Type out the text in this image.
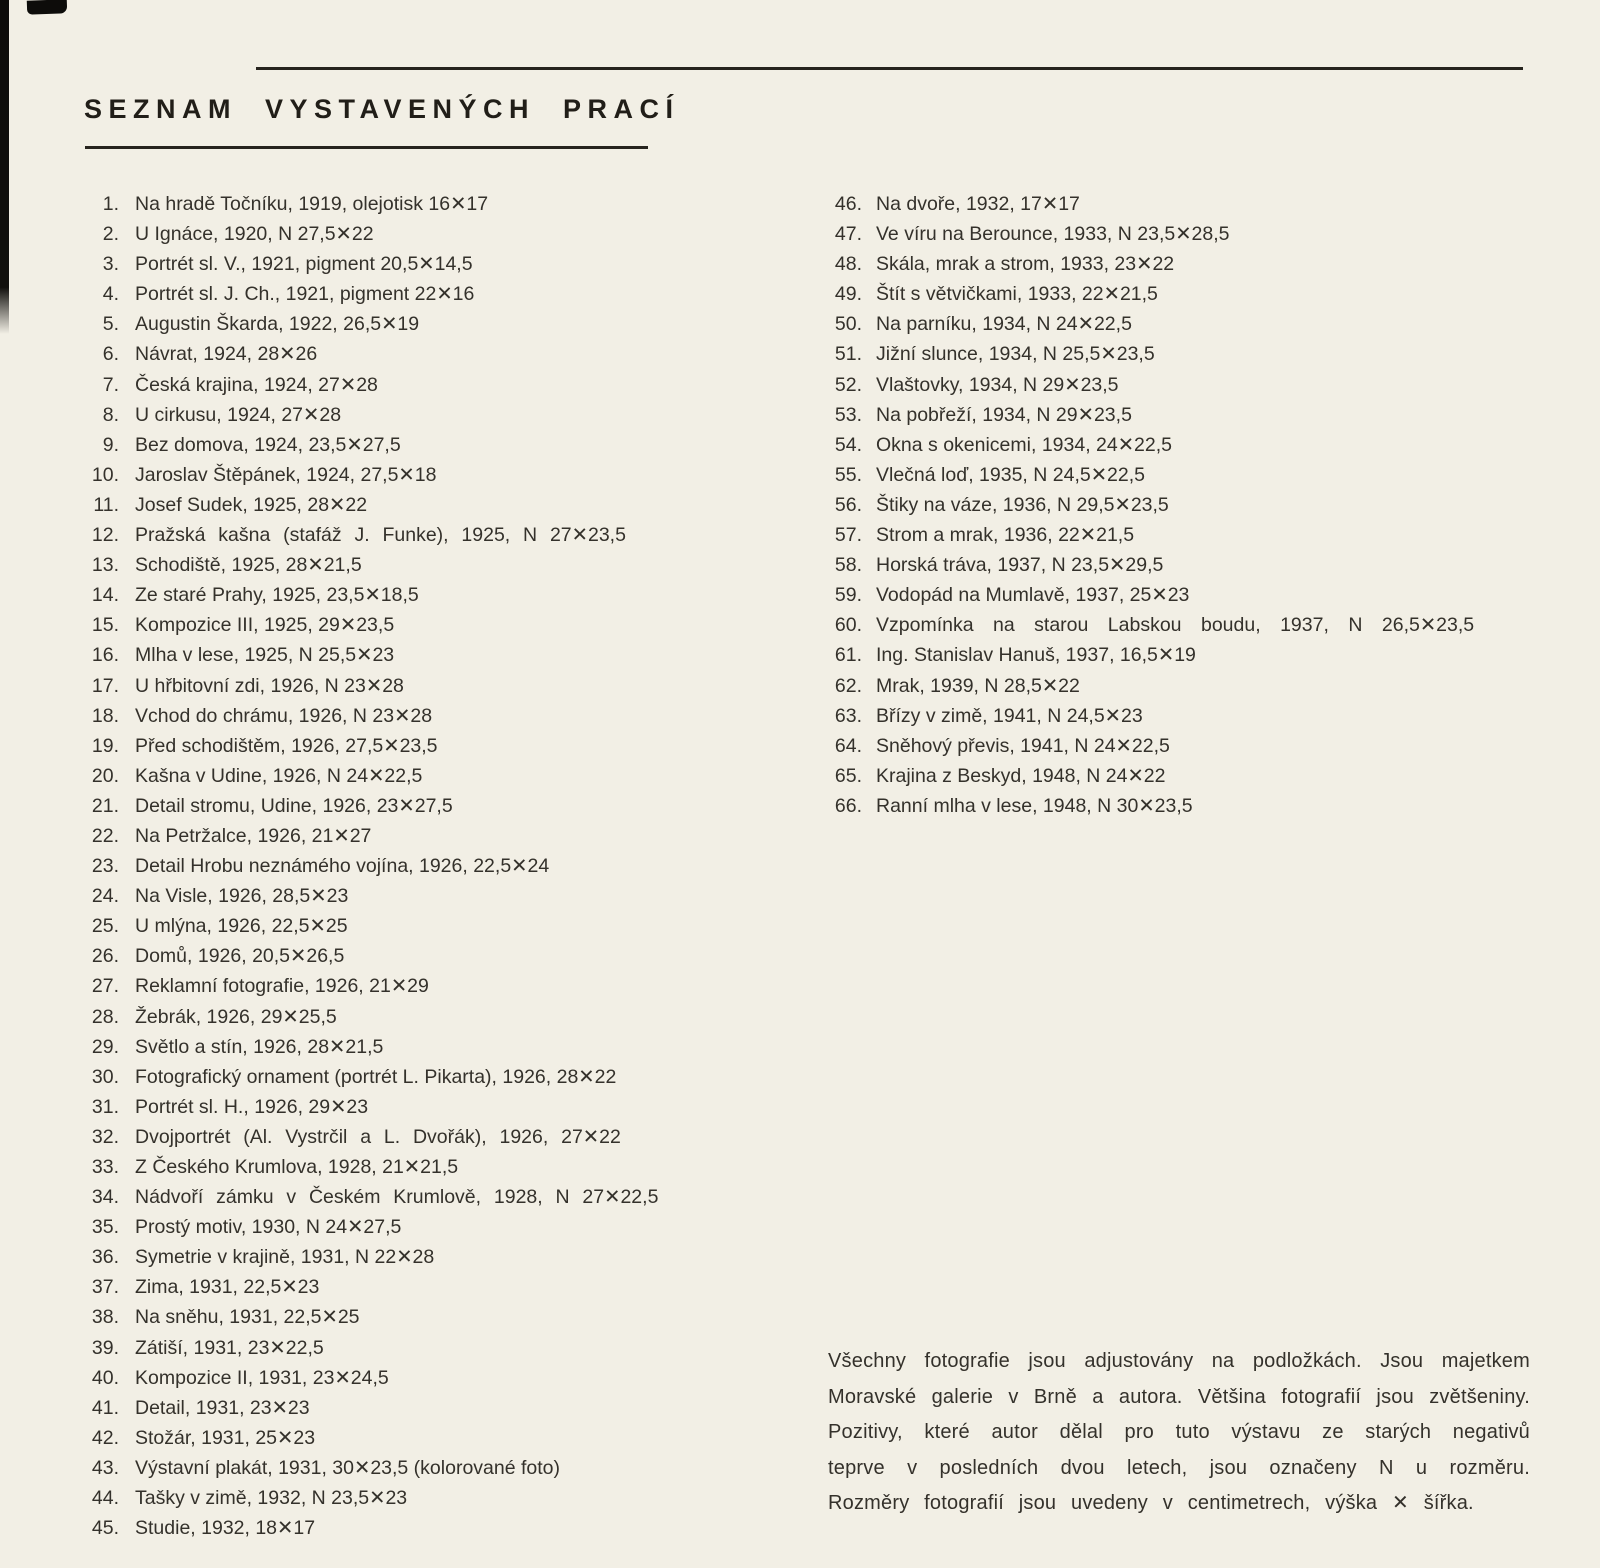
SEZNAM VYSTAVENÝCH PRACÍ
1. Na hradě Točníku, 1919, olejotisk 16✕17
2. U Ignáce, 1920, N 27,5✕22
3. Portrét sl. V., 1921, pigment 20,5✕14,5
4. Portrét sl. J. Ch., 1921, pigment 22✕16
5. Augustin Škarda, 1922, 26,5✕19
6. Návrat, 1924, 28✕26
7. Česká krajina, 1924, 27✕28
8. U cirkusu, 1924, 27✕28
9. Bez domova, 1924, 23,5✕27,5
10. Jaroslav Štěpánek, 1924, 27,5✕18
11. Josef Sudek, 1925, 28✕22
12. Pražská kašna (stafáž J. Funke), 1925, N 27✕23,5
13. Schodiště, 1925, 28✕21,5
14. Ze staré Prahy, 1925, 23,5✕18,5
15. Kompozice III, 1925, 29✕23,5
16. Mlha v lese, 1925, N 25,5✕23
17. U hřbitovní zdi, 1926, N 23✕28
18. Vchod do chrámu, 1926, N 23✕28
19. Před schodištěm, 1926, 27,5✕23,5
20. Kašna v Udine, 1926, N 24✕22,5
21. Detail stromu, Udine, 1926, 23✕27,5
22. Na Petržalce, 1926, 21✕27
23. Detail Hrobu neznámého vojína, 1926, 22,5✕24
24. Na Visle, 1926, 28,5✕23
25. U mlýna, 1926, 22,5✕25
26. Domů, 1926, 20,5✕26,5
27. Reklamní fotografie, 1926, 21✕29
28. Žebrák, 1926, 29✕25,5
29. Světlo a stín, 1926, 28✕21,5
30. Fotografický ornament (portrét L. Pikarta), 1926, 28✕22
31. Portrét sl. H., 1926, 29✕23
32. Dvojportrét (Al. Vystrčil a L. Dvořák), 1926, 27✕22
33. Z Českého Krumlova, 1928, 21✕21,5
34. Nádvoří zámku v Českém Krumlově, 1928, N 27✕22,5
35. Prostý motiv, 1930, N 24✕27,5
36. Symetrie v krajině, 1931, N 22✕28
37. Zima, 1931, 22,5✕23
38. Na sněhu, 1931, 22,5✕25
39. Zátiší, 1931, 23✕22,5
40. Kompozice II, 1931, 23✕24,5
41. Detail, 1931, 23✕23
42. Stožár, 1931, 25✕23
43. Výstavní plakát, 1931, 30✕23,5 (kolorované foto)
44. Tašky v zimě, 1932, N 23,5✕23
45. Studie, 1932, 18✕17
46. Na dvoře, 1932, 17✕17
47. Ve víru na Berounce, 1933, N 23,5✕28,5
48. Skála, mrak a strom, 1933, 23✕22
49. Štít s větvičkami, 1933, 22✕21,5
50. Na parníku, 1934, N 24✕22,5
51. Jižní slunce, 1934, N 25,5✕23,5
52. Vlaštovky, 1934, N 29✕23,5
53. Na pobřeží, 1934, N 29✕23,5
54. Okna s okenicemi, 1934, 24✕22,5
55. Vlečná loď, 1935, N 24,5✕22,5
56. Štiky na váze, 1936, N 29,5✕23,5
57. Strom a mrak, 1936, 22✕21,5
58. Horská tráva, 1937, N 23,5✕29,5
59. Vodopád na Mumlavě, 1937, 25✕23
60. Vzpomínka na starou Labskou boudu, 1937, N 26,5✕23,5
61. Ing. Stanislav Hanuš, 1937, 16,5✕19
62. Mrak, 1939, N 28,5✕22
63. Břízy v zimě, 1941, N 24,5✕23
64. Sněhový převis, 1941, N 24✕22,5
65. Krajina z Beskyd, 1948, N 24✕22
66. Ranní mlha v lese, 1948, N 30✕23,5

Všechny fotografie jsou adjustovány na podložkách. Jsou majetkem Moravské galerie v Brně a autora. Většina fotografií jsou zvětšeniny. Pozitivy, které autor dělal pro tuto výstavu ze starých negativů teprve v posledních dvou letech, jsou označeny N u rozměru. Rozměry fotografií jsou uvedeny v centimetrech, výška ✕ šířka.
